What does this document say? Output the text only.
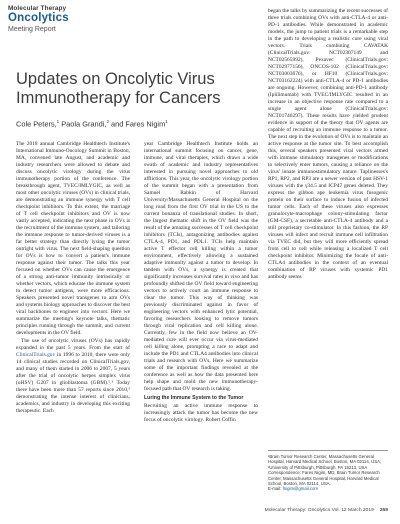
Molecular Therapy
Oncolytics
Meeting Report
Updates on Oncolytic Virus Immunotherapy for Cancers
Cole Peters,$^1$ Paola Grandi,$^2$ and Fares Nigim$^1$

The 2018 annual Cambridge Healthtech Institute's International Immuno-Oncology Summit in Boston, MA, convened late August, and academic and industry researchers were allowed to debate and discuss oncolytic virology during the virus immunotherapy portion of the conference. The breakthrough agent, TVEC/IMLYGIC, as well as most other oncolytic viruses (OVs) in clinical trials, are demonstrating an immune synergy with T cell checkpoint inhibitors. To this extent, the marriage of T cell checkpoint inhibitors and OV is now vastly accepted, indicating the next phase in OVs is the recruitment of the immune system, and tailoring the immune response to tumor-derived viruses is a far better strategy than directly lysing the tumor outright with virus. The next field-shaping question for OVs is how to convert a patient's immune response against their tumor. The talks this year focused on whether OVs can cause the emergence of a strong anti-tumor immunity intrinsically or whether vectors, which educate the immune system to detect tumor antigens, were more efficacious. Speakers presented novel transgenes to arm OVs and systems biology approaches to discover the best viral backbones to engineer into vectors. Here we summarize the meeting's keynote talks, thematic principles running through the summit, and current developments in the OV field.

The use of oncolytic viruses (OVs) has rapidly expanded in the past 5 years. From the start of ClinicalTrials.gov in 1996 to 2010, there were only 14 clinical studies recorded on ClinicalTrials.gov, and many of them started in 2006 to 2007, 5 years after the trial of oncolytic herpes simplex virus (oHSV) G207 in glioblastoma (GBM).¹˒² Today there have been more than 57 reports since 2010,³ demonstrating the intense interest of clinicians, academics, and industry in developing this exciting therapeutic. Each

year Cambridge Healthtech Institute holds an international summit focusing on cancer, gene, immune, and viral therapies, which draws a wide swath of academic and industry representatives interested in pursuing novel approaches to old afflictions. This year, the oncolytic virology portion of the summit began with a presentation from Samuel Rabkin of Harvard University/Massachusetts General Hospital on the long road from the first OV trial in the US to the current bonanza of translational studies. In short, the largest thematic shift in the OV field was the result of the amazing successes of T cell checkpoint inhibitors (TCIs), antagonizing antibodies against CTLA-4, PD1, and PDL1. TCIs help maintain active T effector cell killing within a tumor environment, effectively allowing a sustained adaptive immunity against a tumor to develop. In tandem with OVs, a synergy is created that significantly increases survival rates in vivo and has profoundly shifted the OV field toward engineering vectors to actively court an immune response to clear the tumor. This way of thinking was previously discriminated against in favor of engineering vectors with enhanced lytic potential, favoring researchers looking to remove tumors through viral replication and cell killing alone. Currently, few in the field now believe an OV-mediated cure will ever occur via virus-mediated cell killing alone, prompting a race to adapt and include the PD1 and CTLA4 antibodies into clinical trials and research with OVs. Here we summarize some of the important findings revealed at the conference as well as how the data presented here help shape and mold the new immunotherapy-focused path that OV research is taking.

Luring the Immune System to the Tumor

Recruiting an active immune response to increasingly attack the tumor has become the new focus of oncolytic virology. Robert Coffin

began the talks by summarizing the recent successes of three trials combining OVs with anti-CTLA-4 or anti-PD-1 antibodies. While demonstrated in academic models, the jump to patient trials is a remarkable step in the path to developing a realistic cure using viral vectors. Trials combining CAVATAK (ClinicalTrials.gov: NCT02307149 and NCT02565992), Pexavec (ClinicalTrials.gov: NCT02977156), ONCOS-102 (ClinicalTrials.gov: NCT03003676), or HF10 (ClinicalTrials.gov: NCT03162224) with anti-CTLA-4 or PD-1 antibodies are ongoing. However, combining anti-PD-1 antibody (Iplilimumab) with TVEC/IMLYGIC resulted in an increase in an objective response rate compared to a single agent alone (ClinicalTrials.gov: NCT01740297). These results have yielded prudent evidence in support of the theory that OV agents are capable of recruiting an immune response to a tumor. The next step in the evolution of OVs is to maintain an active response at the tumor site. To best accomplish this, several speakers presented viral vectors armed with immune stimulatory transgenes or modifications to selectively enter tumors, causing a reliance on the virus' innate immunostimulatory nature. Taplinesses's RP1, RP2, and RP3 are a newer version of past HSV-1 viruses with the γ34.5 and ICP47 genes deleted. They express the gibbon ape leukemia virus fusogenic protein on their surface to induce fusion of infected tumor cells. Each of these viruses also expresses granulocyte-macrophage colony-stimulating factor (GM-CSF), a secretable anti-CTLA-4 antibody and a still proprietary co-stimulator. In this fashion, the RP viruses will infect and recruit immune cell infiltration via TVEC did, but they will more efficiently spread from cell to cell while releasing a localized T cell checkpoint inhibitor. Minimizing the locale of anti-CTLA4 antibodies in the context of an eventual combination of RP viruses with systemic PD1 antibody seems

¹Brain Tumor Research Center, Massachusetts General Hospital, Harvard Medical School, Boston, MA 02114, USA; ²University of Pittsburgh, Pittsburgh, PA 15213, USA

Correspondence: Fares Nigim, MD, Brain Tumor Research Center, Massachusetts General Hospital, Harvard Medical School, Boston, MA 02114, USA.

E-mail: fnigim@gmail.com

Molecular Therapy: Oncolytics Vol. 12 March 2019 259
